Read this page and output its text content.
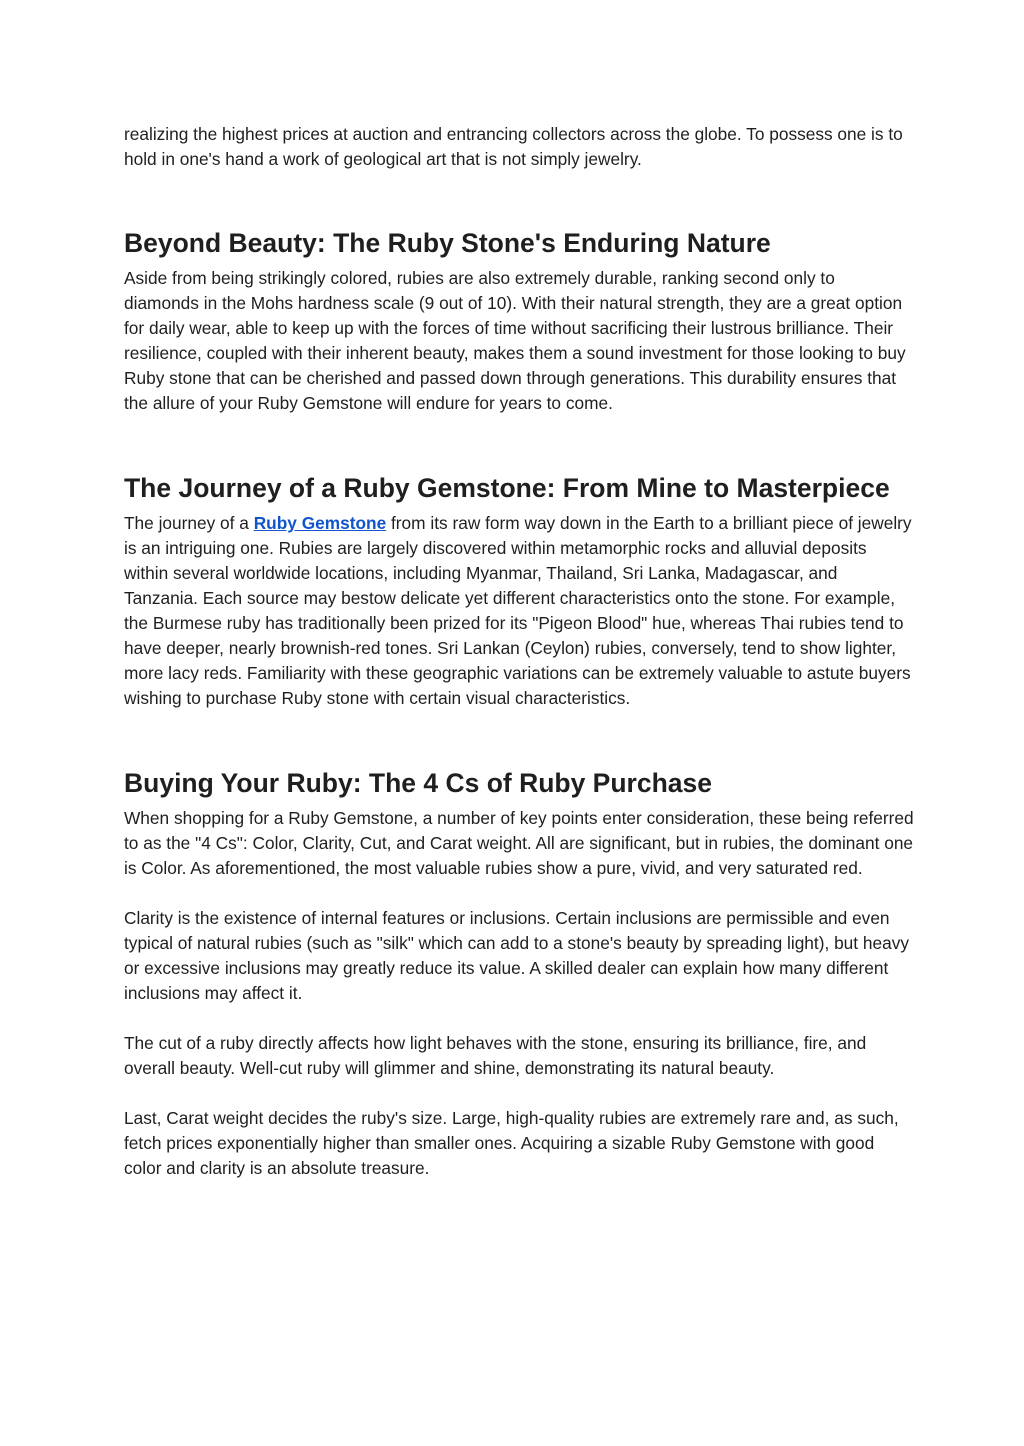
realizing the highest prices at auction and entrancing collectors across the globe. To possess one is to hold in one's hand a work of geological art that is not simply jewelry.

Beyond Beauty: The Ruby Stone's Enduring Nature

Aside from being strikingly colored, rubies are also extremely durable, ranking second only to diamonds in the Mohs hardness scale (9 out of 10). With their natural strength, they are a great option for daily wear, able to keep up with the forces of time without sacrificing their lustrous brilliance. Their resilience, coupled with their inherent beauty, makes them a sound investment for those looking to buy Ruby stone that can be cherished and passed down through generations. This durability ensures that the allure of your Ruby Gemstone will endure for years to come.

The Journey of a Ruby Gemstone: From Mine to Masterpiece

The journey of a Ruby Gemstone from its raw form way down in the Earth to a brilliant piece of jewelry is an intriguing one. Rubies are largely discovered within metamorphic rocks and alluvial deposits within several worldwide locations, including Myanmar, Thailand, Sri Lanka, Madagascar, and Tanzania. Each source may bestow delicate yet different characteristics onto the stone. For example, the Burmese ruby has traditionally been prized for its "Pigeon Blood" hue, whereas Thai rubies tend to have deeper, nearly brownish-red tones. Sri Lankan (Ceylon) rubies, conversely, tend to show lighter, more lacy reds. Familiarity with these geographic variations can be extremely valuable to astute buyers wishing to purchase Ruby stone with certain visual characteristics.

Buying Your Ruby: The 4 Cs of Ruby Purchase

When shopping for a Ruby Gemstone, a number of key points enter consideration, these being referred to as the "4 Cs": Color, Clarity, Cut, and Carat weight. All are significant, but in rubies, the dominant one is Color. As aforementioned, the most valuable rubies show a pure, vivid, and very saturated red.

Clarity is the existence of internal features or inclusions. Certain inclusions are permissible and even typical of natural rubies (such as "silk" which can add to a stone's beauty by spreading light), but heavy or excessive inclusions may greatly reduce its value. A skilled dealer can explain how many different inclusions may affect it.

The cut of a ruby directly affects how light behaves with the stone, ensuring its brilliance, fire, and overall beauty. Well-cut ruby will glimmer and shine, demonstrating its natural beauty.

Last, Carat weight decides the ruby's size. Large, high-quality rubies are extremely rare and, as such, fetch prices exponentially higher than smaller ones. Acquiring a sizable Ruby Gemstone with good color and clarity is an absolute treasure.
